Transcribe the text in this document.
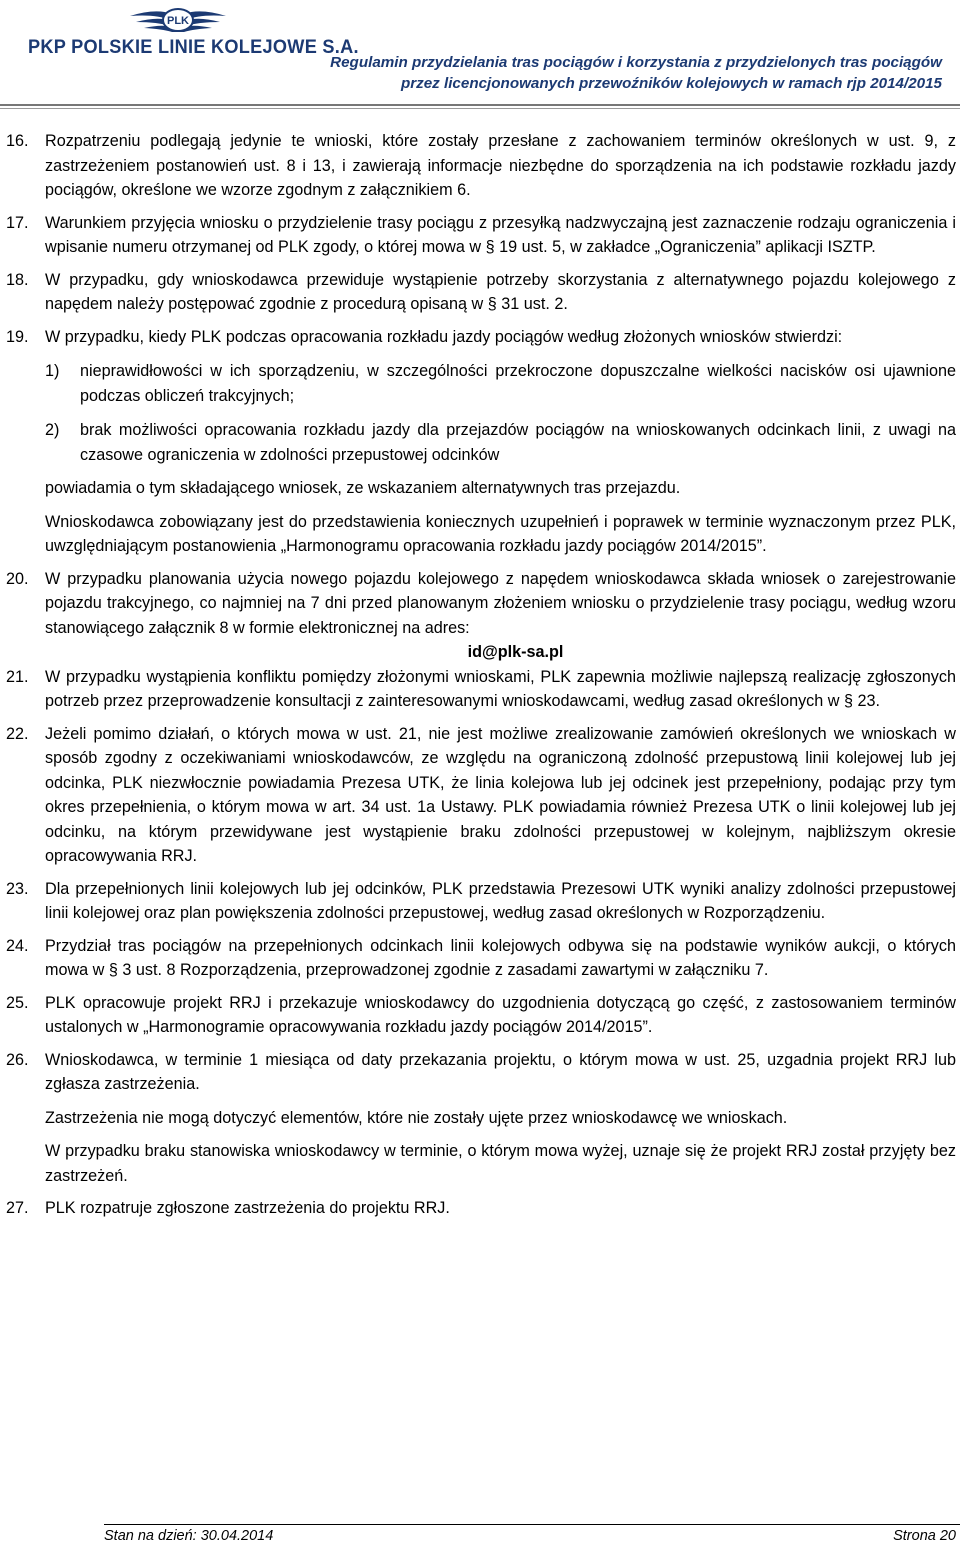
PLK
PKP POLSKIE LINIE KOLEJOWE S.A.
Regulamin przydzielania tras pociągów i korzystania z przydzielonych tras pociągów
przez licencjonowanych przewoźników kolejowych w ramach rjp 2014/2015
16.	Rozpatrzeniu podlegają jedynie te wnioski, które zostały przesłane z zachowaniem terminów określonych w ust. 9, z zastrzeżeniem postanowień ust. 8 i 13, i zawierają informacje niezbędne do sporządzenia na ich podstawie rozkładu jazdy pociągów, określone we wzorze zgodnym z załącznikiem 6.

17.	Warunkiem przyjęcia wniosku o przydzielenie trasy pociągu z przesyłką nadzwyczajną jest zaznaczenie rodzaju ograniczenia i wpisanie numeru otrzymanej od PLK zgody, o której mowa w § 19 ust. 5, w zakładce „Ograniczenia” aplikacji ISZTP.

18.	W przypadku, gdy wnioskodawca przewiduje wystąpienie potrzeby skorzystania z alternatywnego pojazdu kolejowego z napędem należy postępować zgodnie z procedurą opisaną w § 31 ust. 2.

19.	W przypadku, kiedy PLK podczas opracowania rozkładu jazdy pociągów według złożonych wniosków stwierdzi:

1)	nieprawidłowości w ich sporządzeniu, w szczególności przekroczone dopuszczalne wielkości nacisków osi ujawnione podczas obliczeń trakcyjnych;
2)	brak możliwości opracowania rozkładu jazdy dla przejazdów pociągów na wnioskowanych odcinkach linii, z uwagi na czasowe ograniczenia w zdolności przepustowej odcinków

powiadamia o tym składającego wniosek, ze wskazaniem alternatywnych tras przejazdu.

Wnioskodawca zobowiązany jest do przedstawienia koniecznych uzupełnień i poprawek w terminie wyznaczonym przez PLK, uwzględniającym postanowienia „Harmonogramu opracowania rozkładu jazdy pociągów 2014/2015”.

20.	W przypadku planowania użycia nowego pojazdu kolejowego z napędem wnioskodawca składa wniosek o zarejestrowanie pojazdu trakcyjnego, co najmniej na 7 dni przed planowanym złożeniem wniosku o przydzielenie trasy pociągu, według wzoru stanowiącego załącznik 8 w formie elektronicznej na adres:

id@plk-sa.pl

21.	W przypadku wystąpienia konfliktu pomiędzy złożonymi wnioskami, PLK zapewnia możliwie najlepszą realizację zgłoszonych potrzeb przez przeprowadzenie konsultacji z zainteresowanymi wnioskodawcami, według zasad określonych w § 23.

22.	Jeżeli pomimo działań, o których mowa w ust. 21, nie jest możliwe zrealizowanie zamówień określonych we wnioskach w sposób zgodny z oczekiwaniami wnioskodawców, ze względu na ograniczoną zdolność przepustową linii kolejowej lub jej odcinka, PLK niezwłocznie powiadamia Prezesa UTK, że linia kolejowa lub jej odcinek jest przepełniony, podając przy tym okres przepełnienia, o którym mowa w art. 34 ust. 1a Ustawy. PLK powiadamia również Prezesa UTK o linii kolejowej lub jej odcinku, na którym przewidywane jest wystąpienie braku zdolności przepustowej w kolejnym, najbliższym okresie opracowywania RRJ.

23.	Dla przepełnionych linii kolejowych lub jej odcinków, PLK przedstawia Prezesowi UTK wyniki analizy zdolności przepustowej linii kolejowej oraz plan powiększenia zdolności przepustowej, według zasad określonych w Rozporządzeniu.

24.	Przydział tras pociągów na przepełnionych odcinkach linii kolejowych odbywa się na podstawie wyników aukcji, o których mowa w § 3 ust. 8 Rozporządzenia, przeprowadzonej zgodnie z zasadami zawartymi w załączniku 7.

25.	PLK opracowuje projekt RRJ i przekazuje wnioskodawcy do uzgodnienia dotyczącą go część, z zastosowaniem terminów ustalonych w „Harmonogramie opracowywania rozkładu jazdy pociągów 2014/2015”.

26.	Wnioskodawca, w terminie 1 miesiąca od daty przekazania projektu, o którym mowa w ust. 25, uzgadnia projekt RRJ lub zgłasza zastrzeżenia.

Zastrzeżenia nie mogą dotyczyć elementów, które nie zostały ujęte przez wnioskodawcę we wnioskach.

W przypadku braku stanowiska wnioskodawcy w terminie, o którym mowa wyżej, uznaje się że projekt RRJ został przyjęty bez zastrzeżeń.

27.	PLK rozpatruje zgłoszone zastrzeżenia do projektu RRJ.

Stan na dzień: 30.04.2014	Strona 20
